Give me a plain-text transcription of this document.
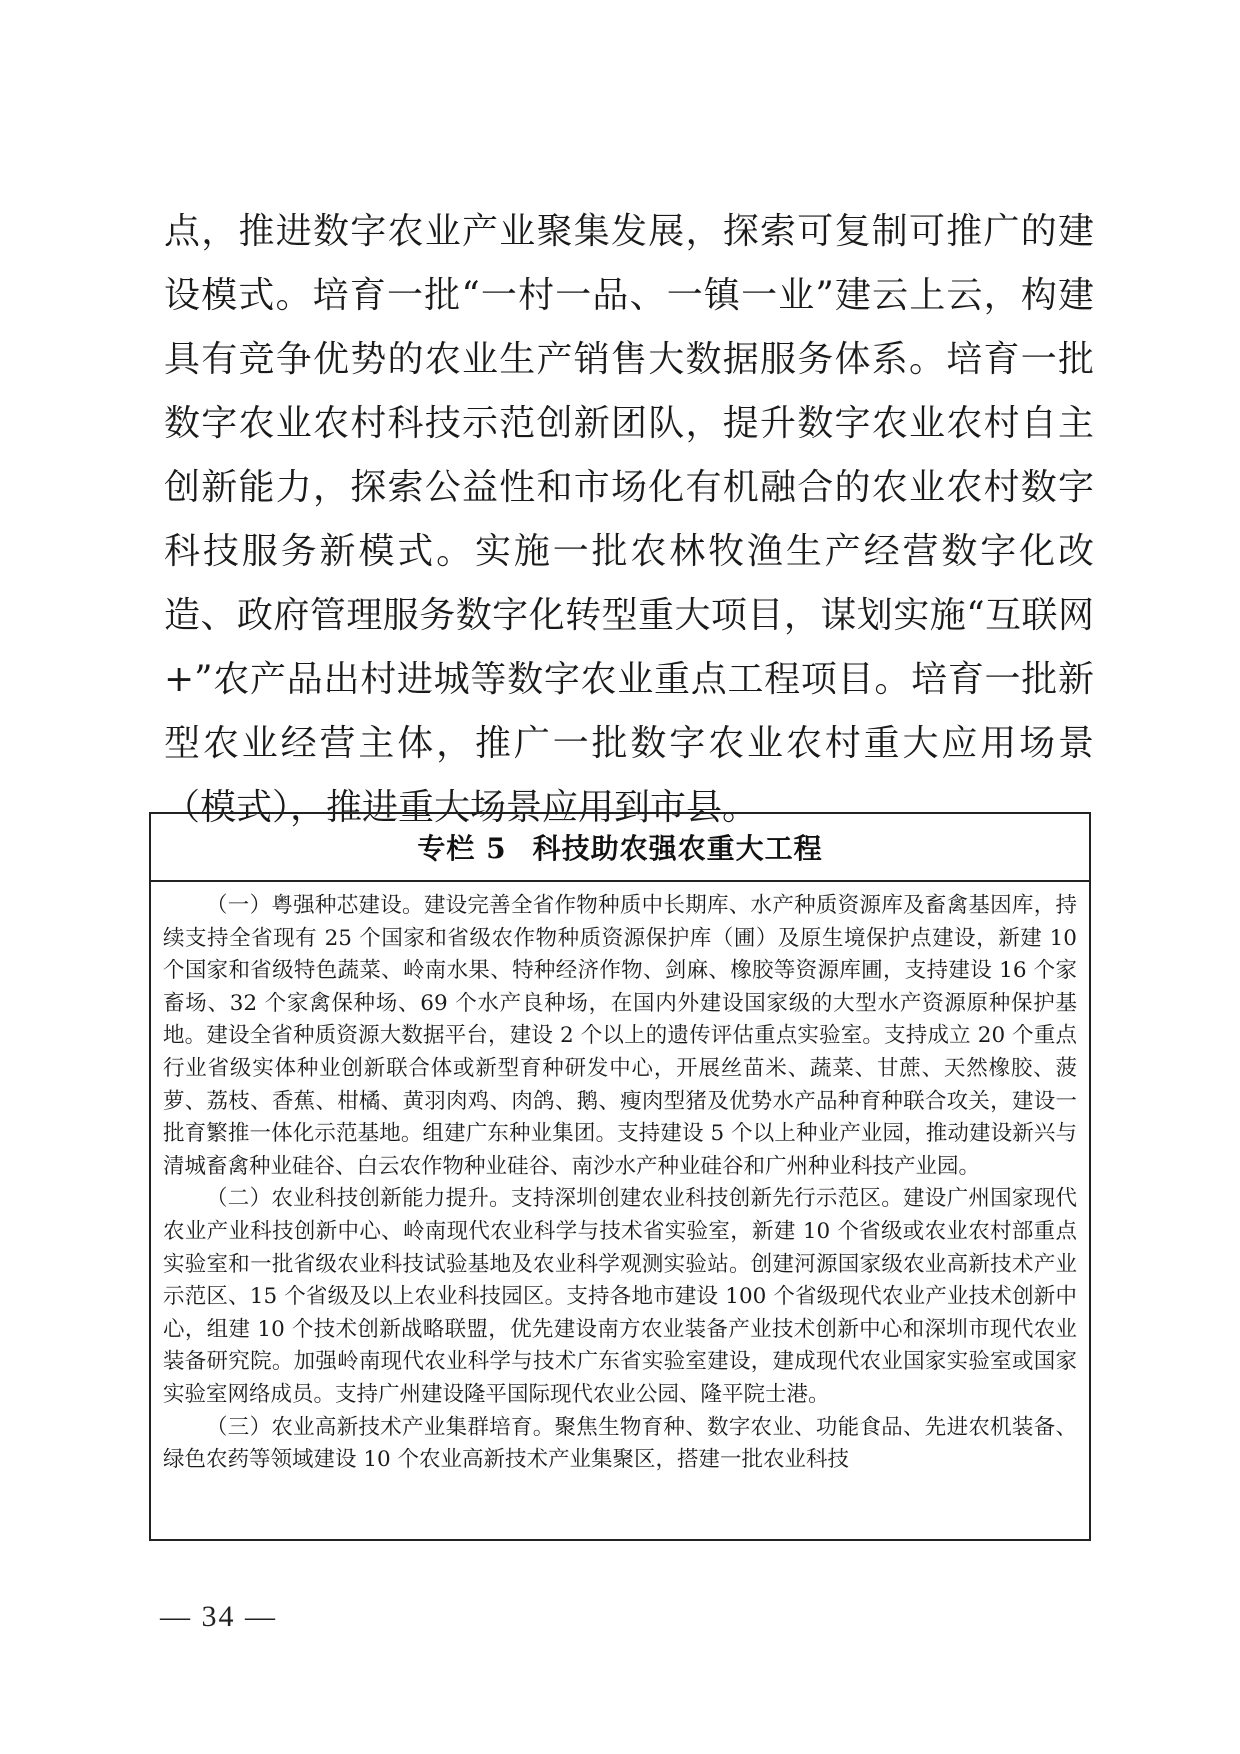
点，推进数字农业产业聚集发展，探索可复制可推广的建设模式。培育一批“一村一品、一镇一业”建云上云，构建具有竞争优势的农业生产销售大数据服务体系。培育一批数字农业农村科技示范创新团队，提升数字农业农村自主创新能力，探索公益性和市场化有机融合的农业农村数字科技服务新模式。实施一批农林牧渔生产经营数字化改造、政府管理服务数字化转型重大项目，谋划实施“互联网+”农产品出村进城等数字农业重点工程项目。培育一批新型农业经营主体，推广一批数字农业农村重大应用场景（模式），推进重大场景应用到市县。

专栏 5 科技助农强农重大工程

（一）粤强种芯建设。建设完善全省作物种质中长期库、水产种质资源库及畜禽基因库，持续支持全省现有 25 个国家和省级农作物种质资源保护库（圃）及原生境保护点建设，新建 10 个国家和省级特色蔬菜、岭南水果、特种经济作物、剑麻、橡胶等资源库圃，支持建设 16 个家畜场、32 个家禽保种场、69 个水产良种场，在国内外建设国家级的大型水产资源原种保护基地。建设全省种质资源大数据平台，建设 2 个以上的遗传评估重点实验室。支持成立 20 个重点行业省级实体种业创新联合体或新型育种研发中心，开展丝苗米、蔬菜、甘蔗、天然橡胶、菠萝、荔枝、香蕉、柑橘、黄羽肉鸡、肉鸽、鹅、瘦肉型猪及优势水产品种育种联合攻关，建设一批育繁推一体化示范基地。组建广东种业集团。支持建设 5 个以上种业产业园，推动建设新兴与清城畜禽种业硅谷、白云农作物种业硅谷、南沙水产种业硅谷和广州种业科技产业园。

（二）农业科技创新能力提升。支持深圳创建农业科技创新先行示范区。建设广州国家现代农业产业科技创新中心、岭南现代农业科学与技术省实验室，新建 10 个省级或农业农村部重点实验室和一批省级农业科技试验基地及农业科学观测实验站。创建河源国家级农业高新技术产业示范区、15 个省级及以上农业科技园区。支持各地市建设 100 个省级现代农业产业技术创新中心，组建 10 个技术创新战略联盟，优先建设南方农业装备产业技术创新中心和深圳市现代农业装备研究院。加强岭南现代农业科学与技术广东省实验室建设，建成现代农业国家实验室或国家实验室网络成员。支持广州建设隆平国际现代农业公园、隆平院士港。

（三）农业高新技术产业集群培育。聚焦生物育种、数字农业、功能食品、先进农机装备、绿色农药等领域建设 10 个农业高新技术产业集聚区，搭建一批农业科技

— 34 —
